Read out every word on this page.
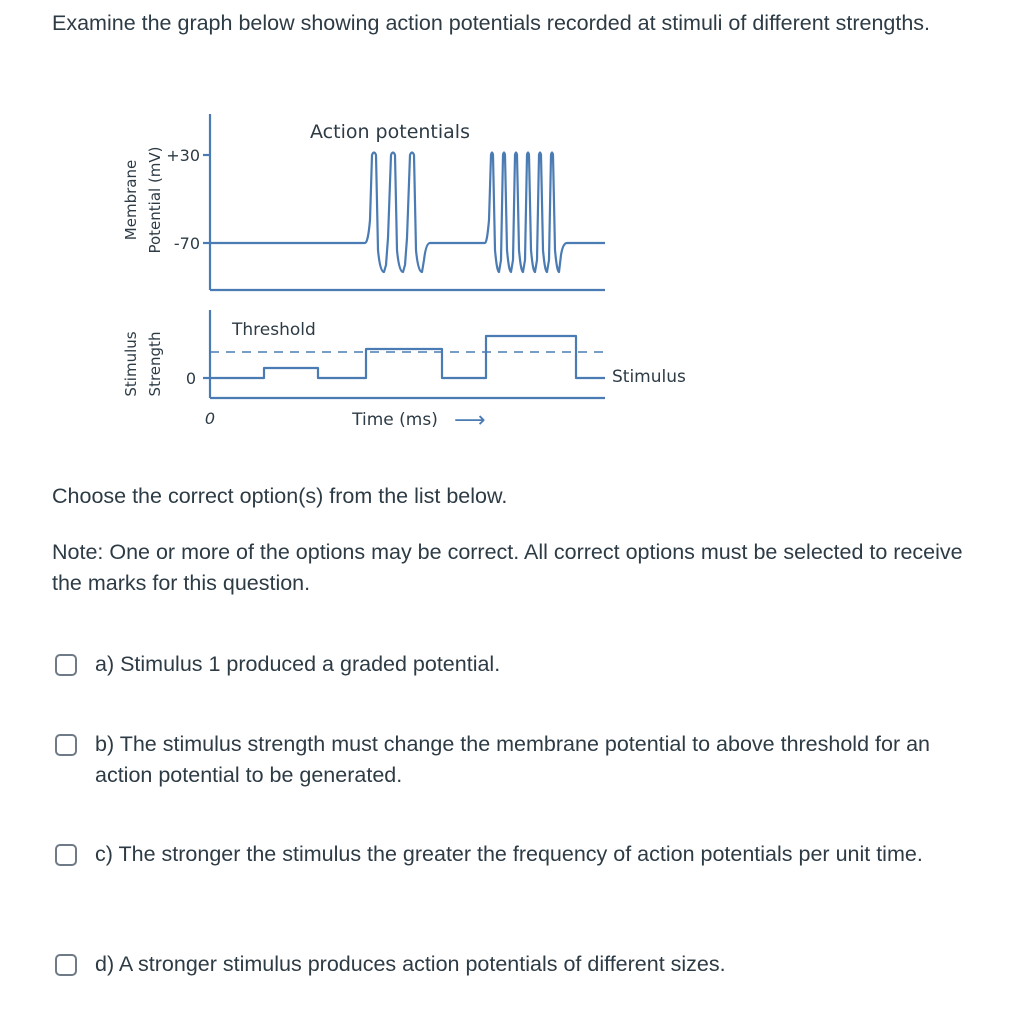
Examine the graph below showing action potentials recorded at stimuli of different strengths.
Action potentials
+30
-70
0
0
Threshold
Stimulus
Time (ms) ⟶
Membrane Potential (mV)
Stimulus Strength
Choose the correct option(s) from the list below.
Note: One or more of the options may be correct. All correct options must be selected to receive the marks for this question.
a) Stimulus 1 produced a graded potential.
b) The stimulus strength must change the membrane potential to above threshold for an action potential to be generated.
c) The stronger the stimulus the greater the frequency of action potentials per unit time.
d) A stronger stimulus produces action potentials of different sizes.
